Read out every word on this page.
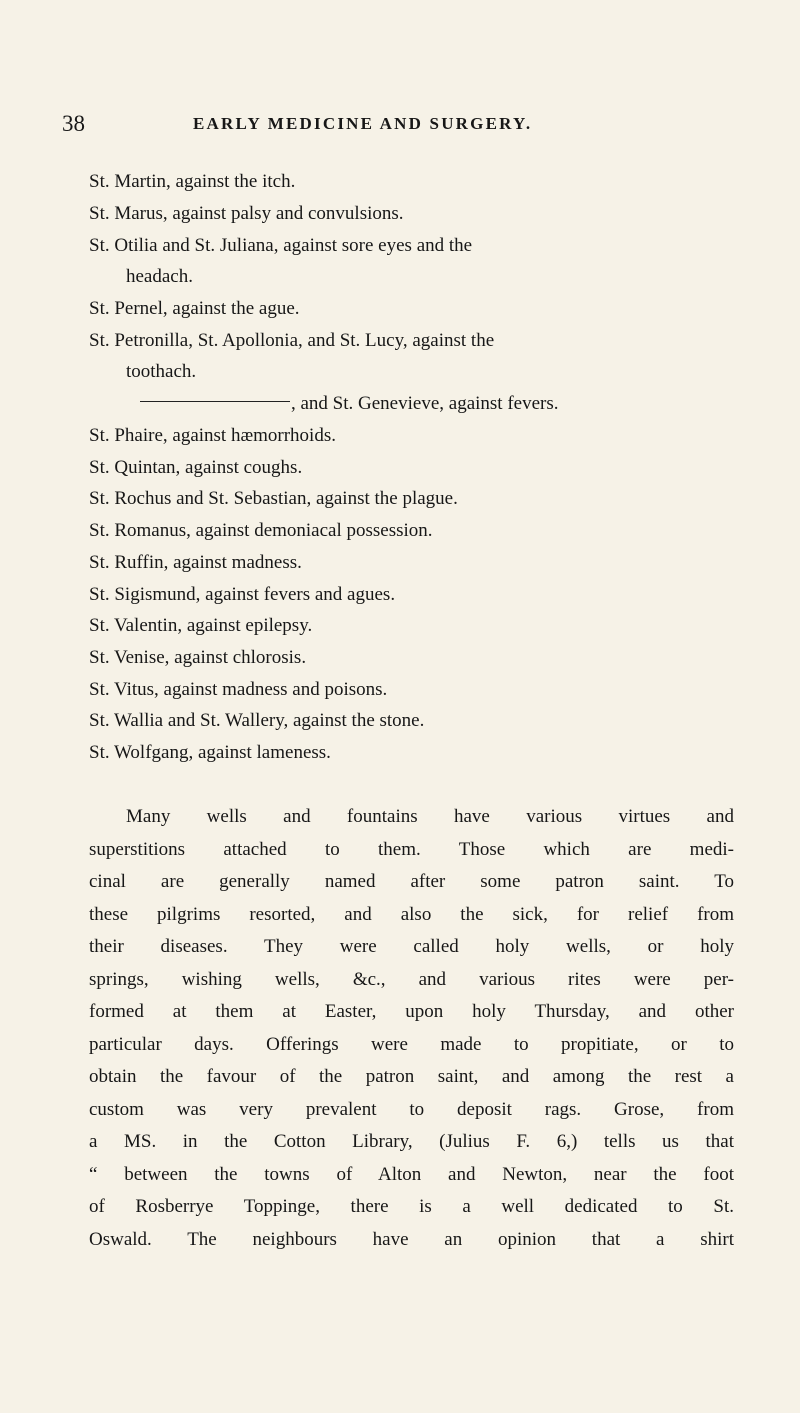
38	EARLY MEDICINE AND SURGERY.
St. Martin, against the itch.
St. Marus, against palsy and convulsions.
St. Otilia and St. Juliana, against sore eyes and the
headach.
St. Pernel, against the ague.
St. Petronilla, St. Apollonia, and St. Lucy, against the
toothach.
, and St. Genevieve, against fevers.
St. Phaire, against hæmorrhoids.
St. Quintan, against coughs.
St. Rochus and St. Sebastian, against the plague.
St. Romanus, against demoniacal possession.
St. Ruffin, against madness.
St. Sigismund, against fevers and agues.
St. Valentin, against epilepsy.
St. Venise, against chlorosis.
St. Vitus, against madness and poisons.
St. Wallia and St. Wallery, against the stone.
St. Wolfgang, against lameness.
Many wells and fountains have various virtues and
superstitions attached to them. Those which are medi-
cinal are generally named after some patron saint. To
these pilgrims resorted, and also the sick, for relief from
their diseases. They were called holy wells, or holy
springs, wishing wells, &c., and various rites were per-
formed at them at Easter, upon holy Thursday, and other
particular days. Offerings were made to propitiate, or to
obtain the favour of the patron saint, and among the rest a
custom was very prevalent to deposit rags. Grose, from
a MS. in the Cotton Library, (Julius F. 6,) tells us that
“ between the towns of Alton and Newton, near the foot
of Rosberrye Toppinge, there is a well dedicated to St.
Oswald. The neighbours have an opinion that a shirt
